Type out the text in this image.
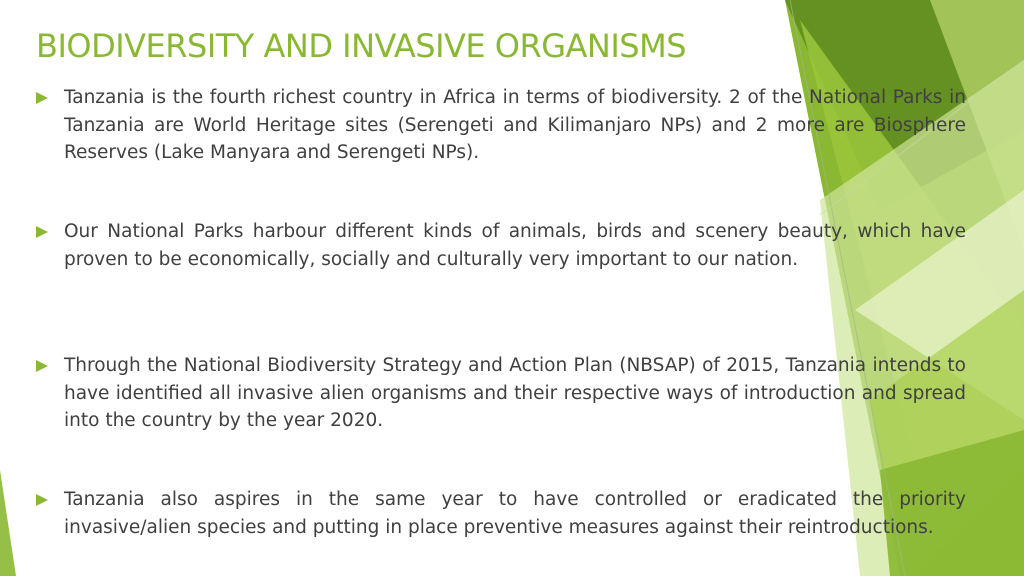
BIODIVERSITY AND INVASIVE ORGANISMS
Tanzania is the fourth richest country in Africa in terms of biodiversity. 2 of the National Parks in Tanzania are World Heritage sites (Serengeti and Kilimanjaro NPs) and 2 more are Biosphere Reserves (Lake Manyara and Serengeti NPs).
Our National Parks harbour different kinds of animals, birds and scenery beauty, which have proven to be economically, socially and culturally very important to our nation.
Through the National Biodiversity Strategy and Action Plan (NBSAP) of 2015, Tanzania intends to have identified all invasive alien organisms and their respective ways of introduction and spread into the country by the year 2020.
Tanzania also aspires in the same year to have controlled or eradicated the priority invasive/alien species and putting in place preventive measures against their reintroductions.
